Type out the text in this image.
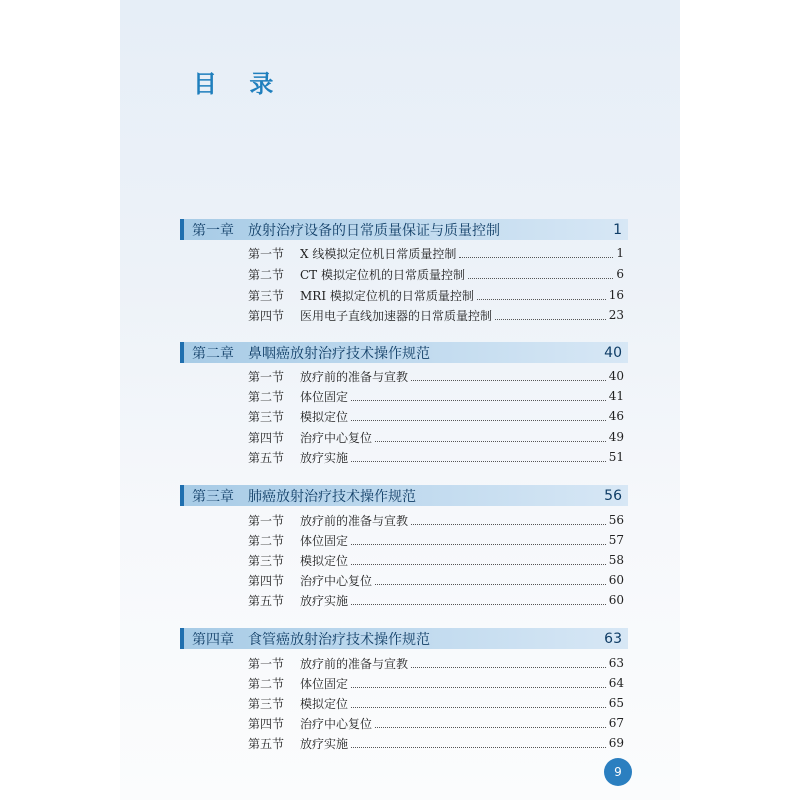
目 录
第一章	放射治疗设备的日常质量保证与质量控制	1
第一节	X 线模拟定位机日常质量控制	1
第二节	CT 模拟定位机的日常质量控制	6
第三节	MRI 模拟定位机的日常质量控制	16
第四节	医用电子直线加速器的日常质量控制	23
第二章	鼻咽癌放射治疗技术操作规范	40
第一节	放疗前的准备与宣教	40
第二节	体位固定	41
第三节	模拟定位	46
第四节	治疗中心复位	49
第五节	放疗实施	51
第三章	肺癌放射治疗技术操作规范	56
第一节	放疗前的准备与宣教	56
第二节	体位固定	57
第三节	模拟定位	58
第四节	治疗中心复位	60
第五节	放疗实施	60
第四章	食管癌放射治疗技术操作规范	63
第一节	放疗前的准备与宣教	63
第二节	体位固定	64
第三节	模拟定位	65
第四节	治疗中心复位	67
第五节	放疗实施	69
9
